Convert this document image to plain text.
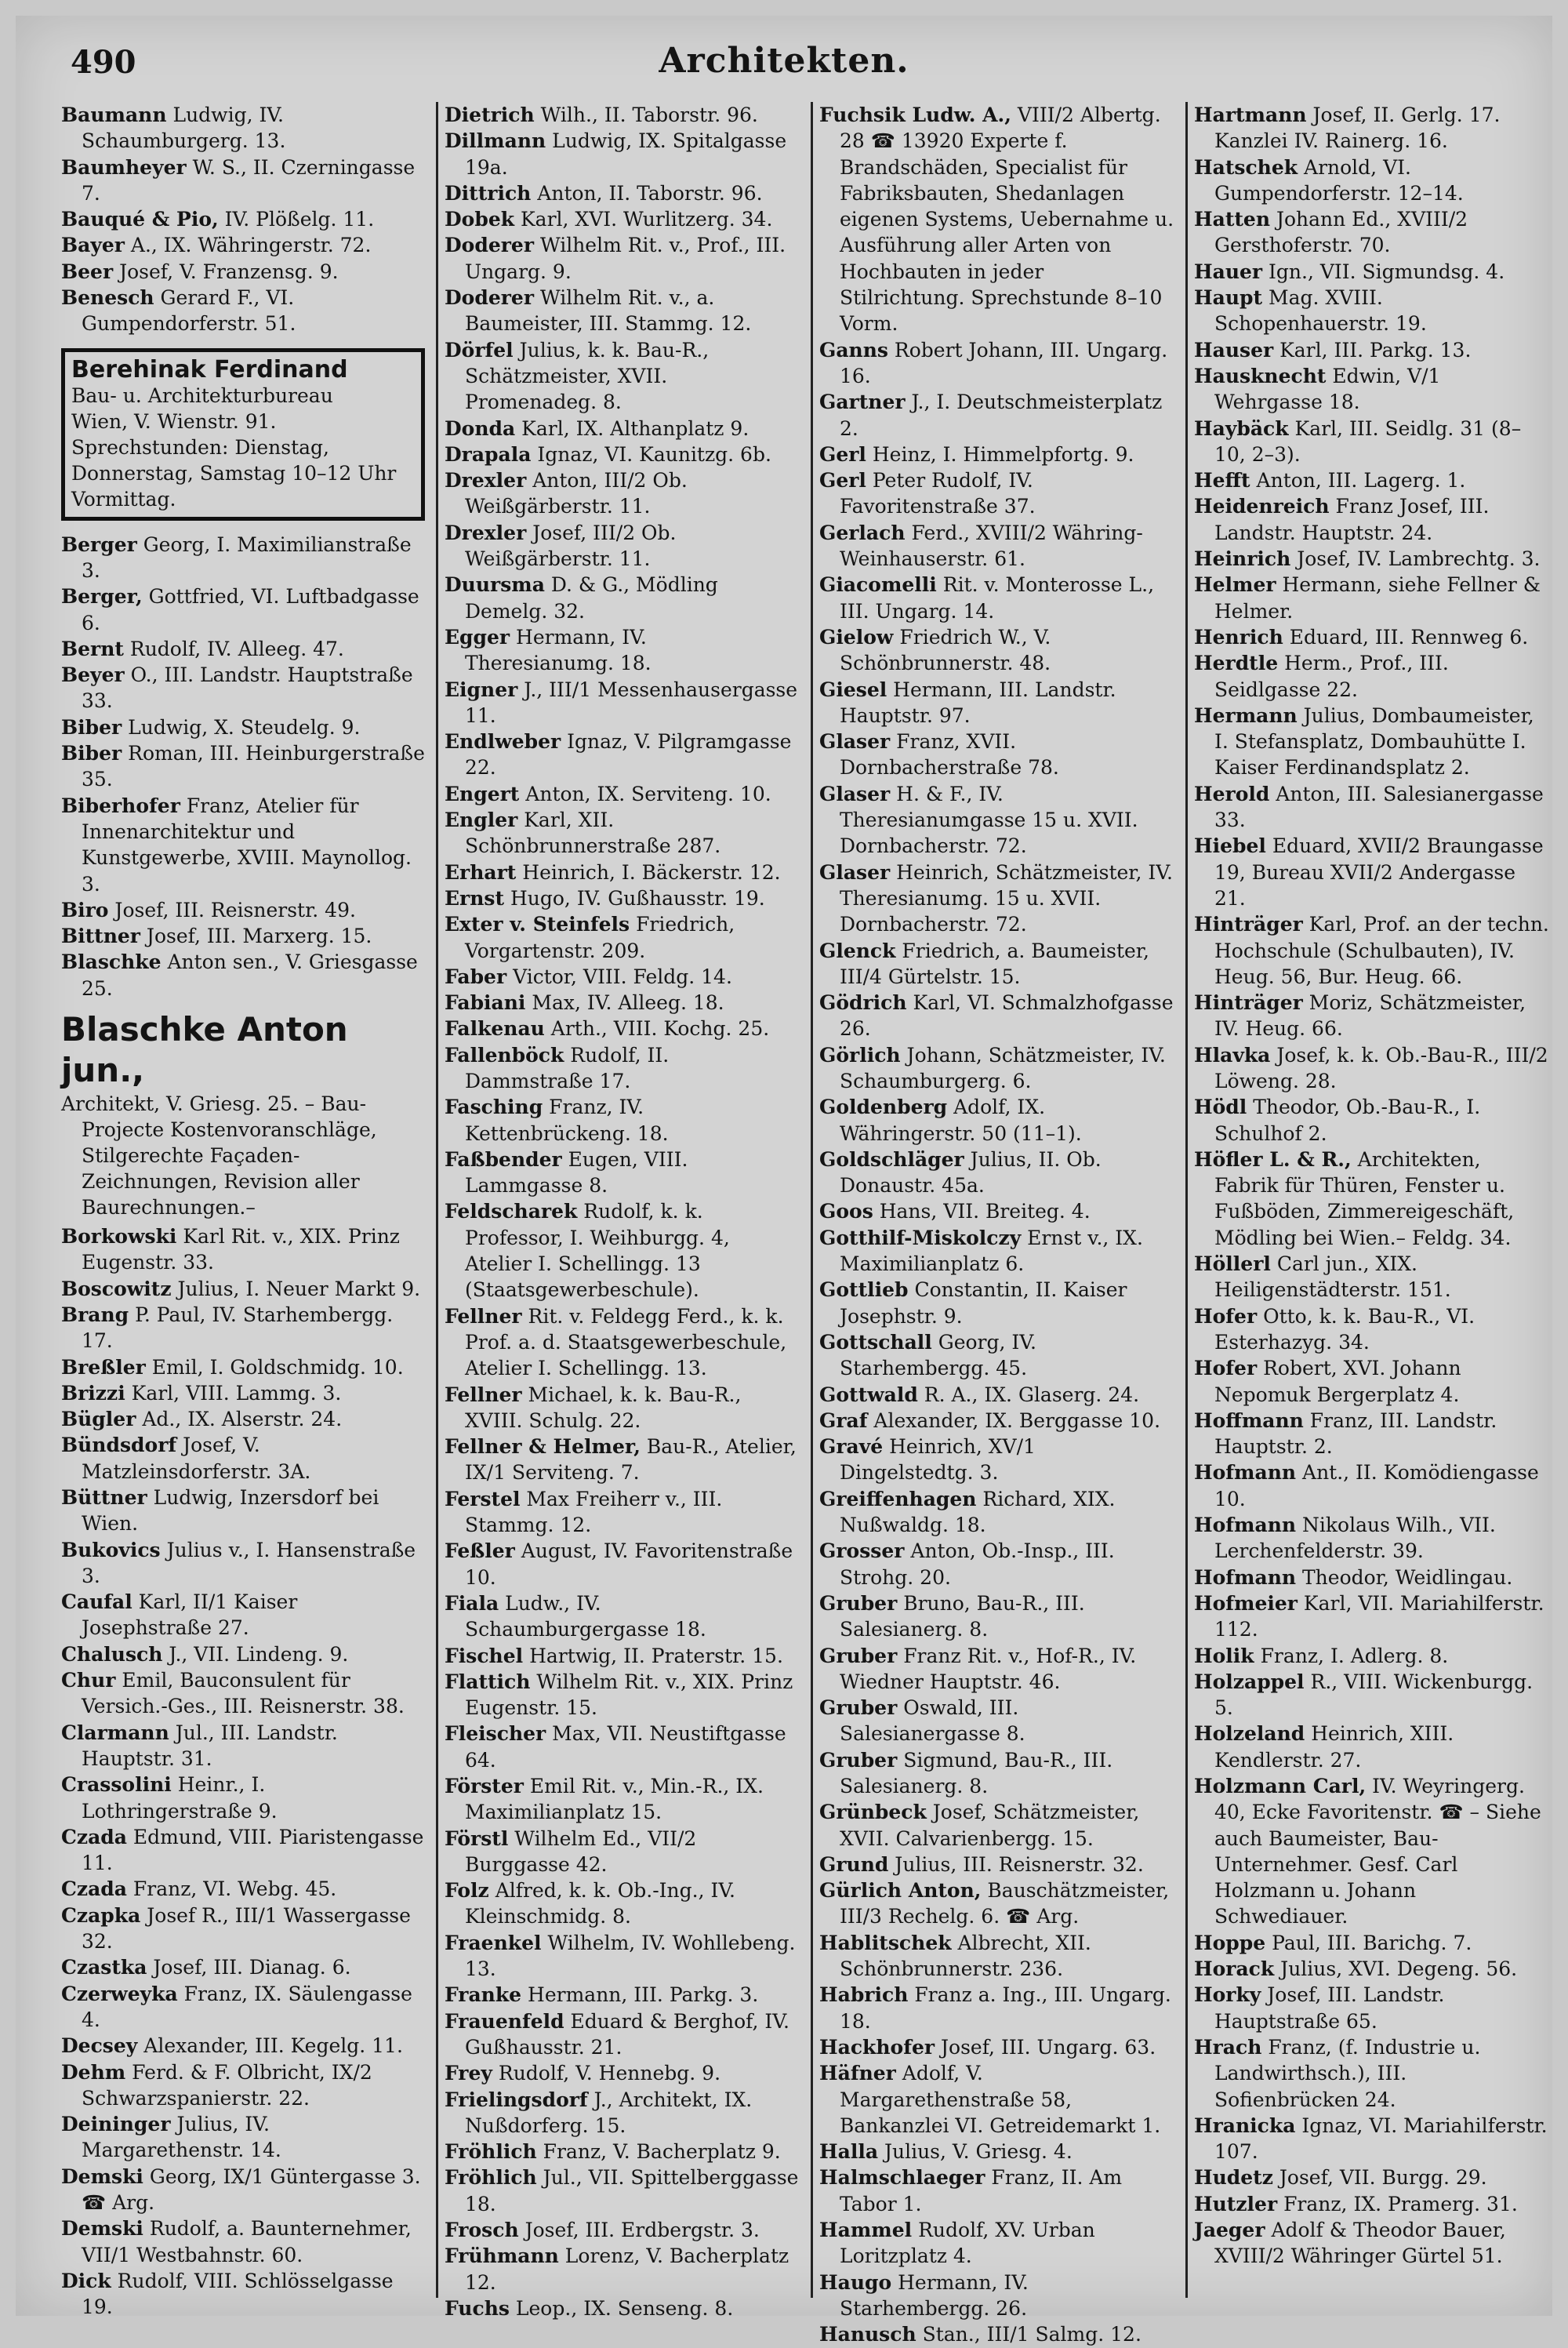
490	Architekten.
Baumann Ludwig, IV. Schaumburgerg. 13.
Baumheyer W. S., II. Czerningasse 7.
Bauqué & Pio, IV. Plößelg. 11.
Bayer A., IX. Währingerstr. 72.
Beer Josef, V. Franzensg. 9.
Benesch Gerard F., VI. Gumpendorferstr. 51.
Berehinak Ferdinand
Bau- u. Architekturbureau
Wien, V. Wienstr. 91.
Sprechstunden: Dienstag, Donnerstag, Samstag 10–12 Uhr Vormittag.
Berger Georg, I. Maximilianstraße 3.
Berger, Gottfried, VI. Luftbadgasse 6.
Bernt Rudolf, IV. Alleeg. 47.
Beyer O., III. Landstr. Hauptstraße 33.
Biber Ludwig, X. Steudelg. 9.
Biber Roman, III. Heinburgerstraße 35.
Biberhofer Franz, Atelier für Innenarchitektur und Kunstgewerbe, XVIII. Maynollog. 3.
Biro Josef, III. Reisnerstr. 49.
Bittner Josef, III. Marxerg. 15.
Blaschke Anton sen., V. Griesgasse 25.
Blaschke Anton jun.,
Architekt, V. Griesg. 25. – Bau-Projecte Kostenvoranschläge, Stilgerechte Façaden-Zeichnungen, Revision aller Baurechnungen.–
Borkowski Karl Rit. v., XIX. Prinz Eugenstr. 33.
Boscowitz Julius, I. Neuer Markt 9.
Brang P. Paul, IV. Starhembergg. 17.
Breßler Emil, I. Goldschmidg. 10.
Brizzi Karl, VIII. Lammg. 3.
Bügler Ad., IX. Alserstr. 24.
Bündsdorf Josef, V. Matzleinsdorferstr. 3A.
Büttner Ludwig, Inzersdorf bei Wien.
Bukovics Julius v., I. Hansenstraße 3.
Caufal Karl, II/1 Kaiser Josephstraße 27.
Chalusch J., VII. Lindeng. 9.
Chur Emil, Bauconsulent für Versich.-Ges., III. Reisnerstr. 38.
Clarmann Jul., III. Landstr. Hauptstr. 31.
Crassolini Heinr., I. Lothringerstraße 9.
Czada Edmund, VIII. Piaristengasse 11.
Czada Franz, VI. Webg. 45.
Czapka Josef R., III/1 Wassergasse 32.
Czastka Josef, III. Dianag. 6.
Czerweyka Franz, IX. Säulengasse 4.
Decsey Alexander, III. Kegelg. 11.
Dehm Ferd. & F. Olbricht, IX/2 Schwarzspanierstr. 22.
Deininger Julius, IV. Margarethenstr. 14.
Demski Georg, IX/1 Güntergasse 3. ☎ Arg.
Demski Rudolf, a. Baunternehmer, VII/1 Westbahnstr. 60.
Dick Rudolf, VIII. Schlösselgasse 19.
Dietrich Wilh., II. Taborstr. 96.
Dillmann Ludwig, IX. Spitalgasse 19a.
Dittrich Anton, II. Taborstr. 96.
Dobek Karl, XVI. Wurlitzerg. 34.
Doderer Wilhelm Rit. v., Prof., III. Ungarg. 9.
Doderer Wilhelm Rit. v., a. Baumeister, III. Stammg. 12.
Dörfel Julius, k. k. Bau-R., Schätzmeister, XVII. Promenadeg. 8.
Donda Karl, IX. Althanplatz 9.
Drapala Ignaz, VI. Kaunitzg. 6b.
Drexler Anton, III/2 Ob. Weißgärberstr. 11.
Drexler Josef, III/2 Ob. Weißgärberstr. 11.
Duursma D. & G., Mödling Demelg. 32.
Egger Hermann, IV. Theresianumg. 18.
Eigner J., III/1 Messenhausergasse 11.
Endlweber Ignaz, V. Pilgramgasse 22.
Engert Anton, IX. Serviteng. 10.
Engler Karl, XII. Schönbrunnerstraße 287.
Erhart Heinrich, I. Bäckerstr. 12.
Ernst Hugo, IV. Gußhausstr. 19.
Exter v. Steinfels Friedrich, Vorgartenstr. 209.
Faber Victor, VIII. Feldg. 14.
Fabiani Max, IV. Alleeg. 18.
Falkenau Arth., VIII. Kochg. 25.
Fallenböck Rudolf, II. Dammstraße 17.
Fasching Franz, IV. Kettenbrückeng. 18.
Faßbender Eugen, VIII. Lammgasse 8.
Feldscharek Rudolf, k. k. Professor, I. Weihburgg. 4, Atelier I. Schellingg. 13 (Staatsgewerbeschule).
Fellner Rit. v. Feldegg Ferd., k. k. Prof. a. d. Staatsgewerbeschule, Atelier I. Schellingg. 13.
Fellner Michael, k. k. Bau-R., XVIII. Schulg. 22.
Fellner & Helmer, Bau-R., Atelier, IX/1 Serviteng. 7.
Ferstel Max Freiherr v., III. Stammg. 12.
Feßler August, IV. Favoritenstraße 10.
Fiala Ludw., IV. Schaumburgergasse 18.
Fischel Hartwig, II. Praterstr. 15.
Flattich Wilhelm Rit. v., XIX. Prinz Eugenstr. 15.
Fleischer Max, VII. Neustiftgasse 64.
Förster Emil Rit. v., Min.-R., IX. Maximilianplatz 15.
Förstl Wilhelm Ed., VII/2 Burggasse 42.
Folz Alfred, k. k. Ob.-Ing., IV. Kleinschmidg. 8.
Fraenkel Wilhelm, IV. Wohllebeng. 13.
Franke Hermann, III. Parkg. 3.
Frauenfeld Eduard & Berghof, IV. Gußhausstr. 21.
Frey Rudolf, V. Hennebg. 9.
Frielingsdorf J., Architekt, IX. Nußdorferg. 15.
Fröhlich Franz, V. Bacherplatz 9.
Fröhlich Jul., VII. Spittelberggasse 18.
Frosch Josef, III. Erdbergstr. 3.
Frühmann Lorenz, V. Bacherplatz 12.
Fuchs Leop., IX. Senseng. 8.
Fuchsik Ludw. A., VIII/2 Albertg. 28 ☎ 13920 Experte f. Brandschäden, Specialist für Fabriksbauten, Shedanlagen eigenen Systems, Uebernahme u. Ausführung aller Arten von Hochbauten in jeder Stilrichtung. Sprechstunde 8–10 Vorm.
Ganns Robert Johann, III. Ungarg. 16.
Gartner J., I. Deutschmeisterplatz 2.
Gerl Heinz, I. Himmelpfortg. 9.
Gerl Peter Rudolf, IV. Favoritenstraße 37.
Gerlach Ferd., XVIII/2 Währing-Weinhauserstr. 61.
Giacomelli Rit. v. Monterosse L., III. Ungarg. 14.
Gielow Friedrich W., V. Schönbrunnerstr. 48.
Giesel Hermann, III. Landstr. Hauptstr. 97.
Glaser Franz, XVII. Dornbacherstraße 78.
Glaser H. & F., IV. Theresianumgasse 15 u. XVII. Dornbacherstr. 72.
Glaser Heinrich, Schätzmeister, IV. Theresianumg. 15 u. XVII. Dornbacherstr. 72.
Glenck Friedrich, a. Baumeister, III/4 Gürtelstr. 15.
Gödrich Karl, VI. Schmalzhofgasse 26.
Görlich Johann, Schätzmeister, IV. Schaumburgerg. 6.
Goldenberg Adolf, IX. Währingerstr. 50 (11–1).
Goldschläger Julius, II. Ob. Donaustr. 45a.
Goos Hans, VII. Breiteg. 4.
Gotthilf-Miskolczy Ernst v., IX. Maximilianplatz 6.
Gottlieb Constantin, II. Kaiser Josephstr. 9.
Gottschall Georg, IV. Starhembergg. 45.
Gottwald R. A., IX. Glaserg. 24.
Graf Alexander, IX. Berggasse 10.
Gravé Heinrich, XV/1 Dingelstedtg. 3.
Greiffenhagen Richard, XIX. Nußwaldg. 18.
Grosser Anton, Ob.-Insp., III. Strohg. 20.
Gruber Bruno, Bau-R., III. Salesianerg. 8.
Gruber Franz Rit. v., Hof-R., IV. Wiedner Hauptstr. 46.
Gruber Oswald, III. Salesianergasse 8.
Gruber Sigmund, Bau-R., III. Salesianerg. 8.
Grünbeck Josef, Schätzmeister, XVII. Calvarienbergg. 15.
Grund Julius, III. Reisnerstr. 32.
Gürlich Anton, Bauschätzmeister, III/3 Rechelg. 6. ☎ Arg.
Hablitschek Albrecht, XII. Schönbrunnerstr. 236.
Habrich Franz a. Ing., III. Ungarg. 18.
Hackhofer Josef, III. Ungarg. 63.
Häfner Adolf, V. Margarethenstraße 58, Bankanzlei VI. Getreidemarkt 1.
Halla Julius, V. Griesg. 4.
Halmschlaeger Franz, II. Am Tabor 1.
Hammel Rudolf, XV. Urban Loritzplatz 4.
Haugo Hermann, IV. Starhembergg. 26.
Hanusch Stan., III/1 Salmg. 12.
Hartmann Josef, II. Gerlg. 17. Kanzlei IV. Rainerg. 16.
Hatschek Arnold, VI. Gumpendorferstr. 12–14.
Hatten Johann Ed., XVIII/2 Gersthoferstr. 70.
Hauer Ign., VII. Sigmundsg. 4.
Haupt Mag. XVIII. Schopenhauerstr. 19.
Hauser Karl, III. Parkg. 13.
Hausknecht Edwin, V/1 Wehrgasse 18.
Haybäck Karl, III. Seidlg. 31 (8–10, 2–3).
Hefft Anton, III. Lagerg. 1.
Heidenreich Franz Josef, III. Landstr. Hauptstr. 24.
Heinrich Josef, IV. Lambrechtg. 3.
Helmer Hermann, siehe Fellner & Helmer.
Henrich Eduard, III. Rennweg 6.
Herdtle Herm., Prof., III. Seidlgasse 22.
Hermann Julius, Dombaumeister, I. Stefansplatz, Dombauhütte I. Kaiser Ferdinandsplatz 2.
Herold Anton, III. Salesianergasse 33.
Hiebel Eduard, XVII/2 Braungasse 19, Bureau XVII/2 Andergasse 21.
Hinträger Karl, Prof. an der techn. Hochschule (Schulbauten), IV. Heug. 56, Bur. Heug. 66.
Hinträger Moriz, Schätzmeister, IV. Heug. 66.
Hlavka Josef, k. k. Ob.-Bau-R., III/2 Löweng. 28.
Hödl Theodor, Ob.-Bau-R., I. Schulhof 2.
Höfler L. & R., Architekten, Fabrik für Thüren, Fenster u. Fußböden, Zimmereigeschäft, Mödling bei Wien.– Feldg. 34.
Höllerl Carl jun., XIX. Heiligenstädterstr. 151.
Hofer Otto, k. k. Bau-R., VI. Esterhazyg. 34.
Hofer Robert, XVI. Johann Nepomuk Bergerplatz 4.
Hoffmann Franz, III. Landstr. Hauptstr. 2.
Hofmann Ant., II. Komödiengasse 10.
Hofmann Nikolaus Wilh., VII. Lerchenfelderstr. 39.
Hofmann Theodor, Weidlingau.
Hofmeier Karl, VII. Mariahilferstr. 112.
Holik Franz, I. Adlerg. 8.
Holzappel R., VIII. Wickenburgg. 5.
Holzeland Heinrich, XIII. Kendlerstr. 27.
Holzmann Carl, IV. Weyringerg. 40, Ecke Favoritenstr. ☎ – Siehe auch Baumeister, Bau-Unternehmer. Gesf. Carl Holzmann u. Johann Schwediauer.
Hoppe Paul, III. Barichg. 7.
Horack Julius, XVI. Degeng. 56.
Horky Josef, III. Landstr. Hauptstraße 65.
Hrach Franz, (f. Industrie u. Landwirthsch.), III. Sofienbrücken 24.
Hranicka Ignaz, VI. Mariahilferstr. 107.
Hudetz Josef, VII. Burgg. 29.
Hutzler Franz, IX. Pramerg. 31.
Jaeger Adolf & Theodor Bauer, XVIII/2 Währinger Gürtel 51.
